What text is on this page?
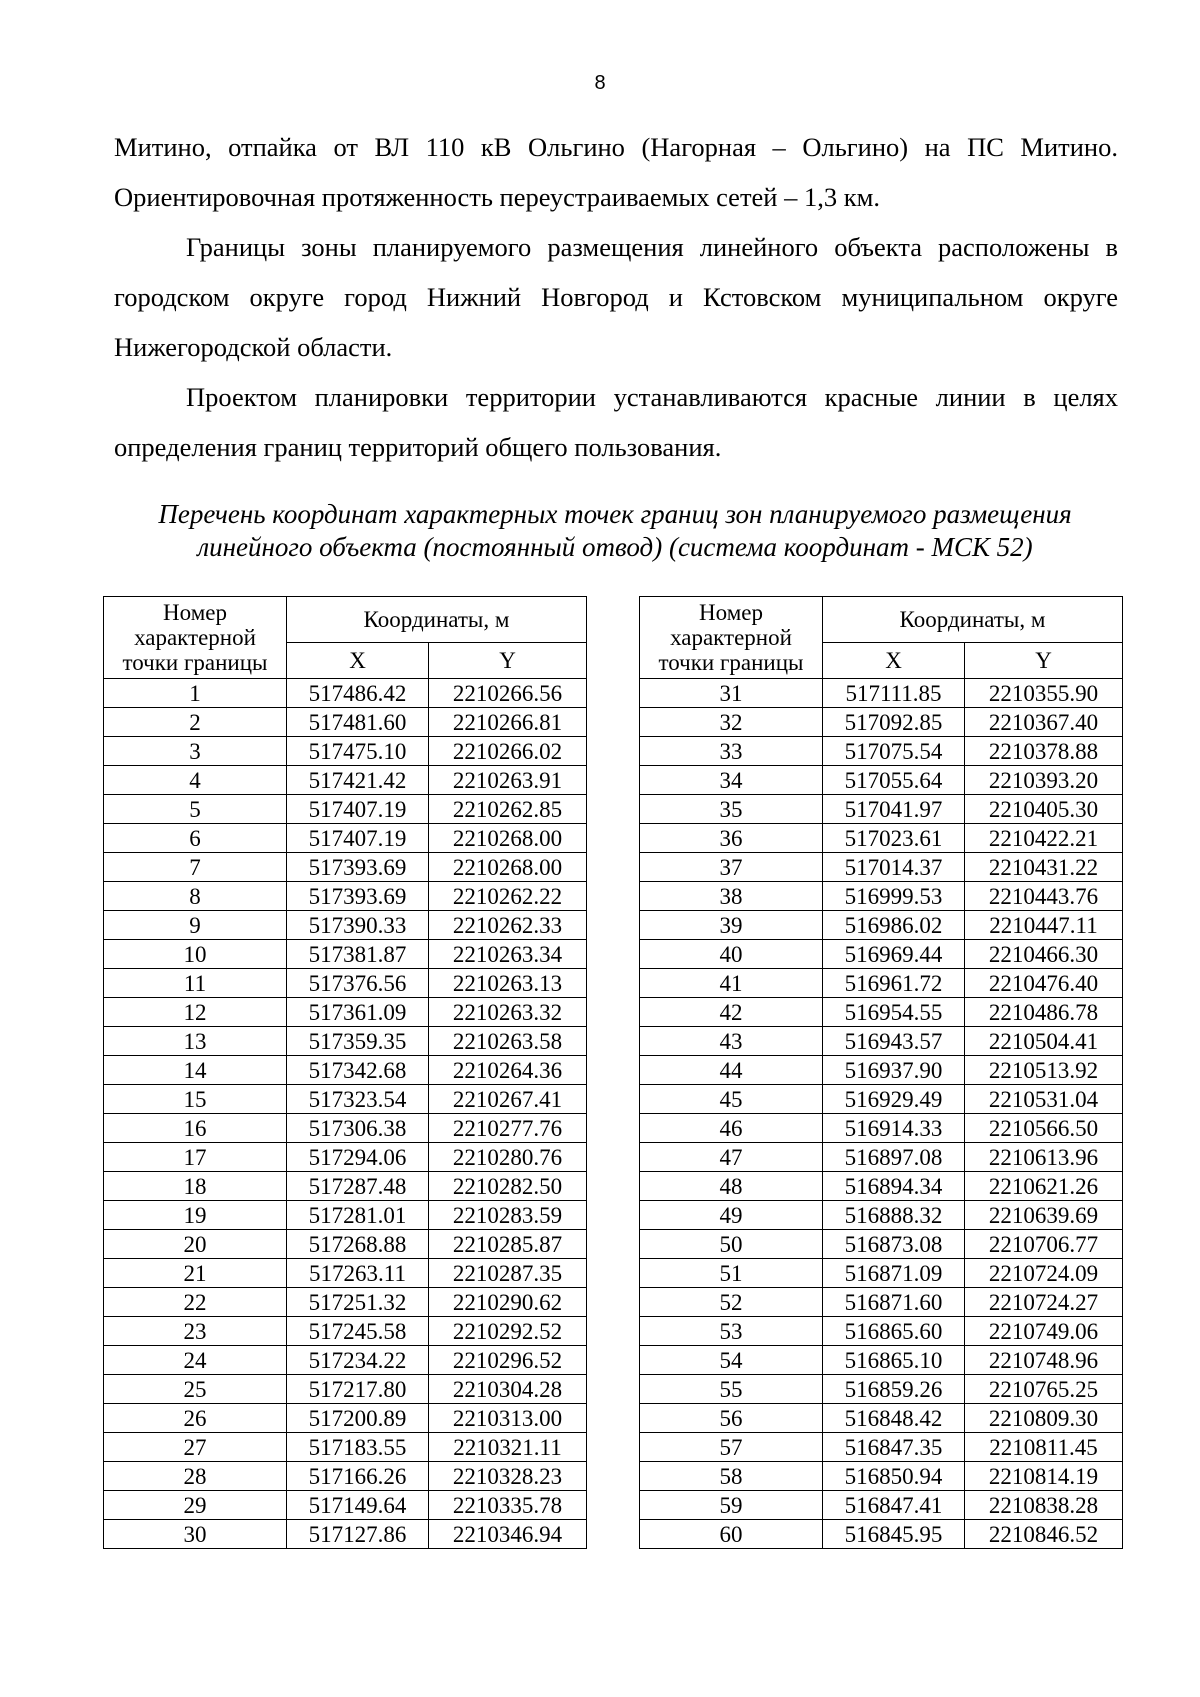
8

Митино, отпайка от ВЛ 110 кВ Ольгино (Нагорная – Ольгино) на ПС Митино.
Ориентировочная протяженность переустраиваемых сетей – 1,3 км.

Границы зоны планируемого размещения линейного объекта расположены в
городском округе город Нижний Новгород и Кстовском муниципальном округе
Нижегородской области.

Проектом планировки территории устанавливаются красные линии в целях
определения границ территорий общего пользования.

Перечень координат характерных точек границ зон планируемого размещения
линейного объекта (постоянный отвод) (система координат - МСК 52)
Номер характерной точки границы	Координаты, м	
	X	Y
1	517486.42	2210266.56
2	517481.60	2210266.81
3	517475.10	2210266.02
4	517421.42	2210263.91
5	517407.19	2210262.85
6	517407.19	2210268.00
7	517393.69	2210268.00
8	517393.69	2210262.22
9	517390.33	2210262.33
10	517381.87	2210263.34
11	517376.56	2210263.13
12	517361.09	2210263.32
13	517359.35	2210263.58
14	517342.68	2210264.36
15	517323.54	2210267.41
16	517306.38	2210277.76
17	517294.06	2210280.76
18	517287.48	2210282.50
19	517281.01	2210283.59
20	517268.88	2210285.87
21	517263.11	2210287.35
22	517251.32	2210290.62
23	517245.58	2210292.52
24	517234.22	2210296.52
25	517217.80	2210304.28
26	517200.89	2210313.00
27	517183.55	2210321.11
28	517166.26	2210328.23
29	517149.64	2210335.78
30	517127.86	2210346.94
Номер характерной точки границы	Координаты, м	
	X	Y
31	517111.85	2210355.90
32	517092.85	2210367.40
33	517075.54	2210378.88
34	517055.64	2210393.20
35	517041.97	2210405.30
36	517023.61	2210422.21
37	517014.37	2210431.22
38	516999.53	2210443.76
39	516986.02	2210447.11
40	516969.44	2210466.30
41	516961.72	2210476.40
42	516954.55	2210486.78
43	516943.57	2210504.41
44	516937.90	2210513.92
45	516929.49	2210531.04
46	516914.33	2210566.50
47	516897.08	2210613.96
48	516894.34	2210621.26
49	516888.32	2210639.69
50	516873.08	2210706.77
51	516871.09	2210724.09
52	516871.60	2210724.27
53	516865.60	2210749.06
54	516865.10	2210748.96
55	516859.26	2210765.25
56	516848.42	2210809.30
57	516847.35	2210811.45
58	516850.94	2210814.19
59	516847.41	2210838.28
60	516845.95	2210846.52
